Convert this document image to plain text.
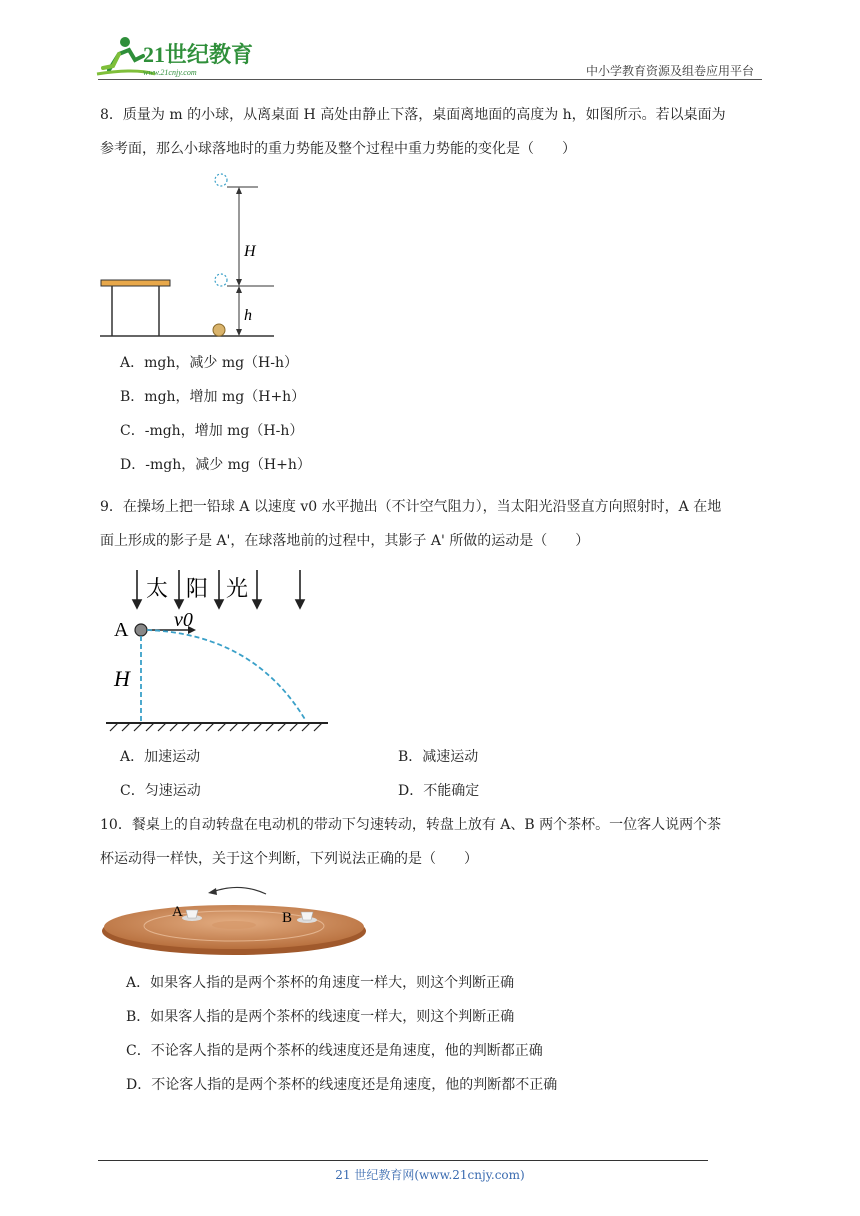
21世纪教育
www.21cnjy.com	中小学教育资源及组卷应用平台
8．质量为 m 的小球，从离桌面 H 高处由静止下落，桌面离地面的高度为 h，如图所示。若以桌面为
参考面，那么小球落地时的重力势能及整个过程中重力势能的变化是（　　）
H
h
A．mgh，减少 mg（H-h）
B．mgh，增加 mg（H+h）
C．-mgh，增加 mg（H-h）
D．-mgh，减少 mg（H+h）
9．在操场上把一铅球 A 以速度 v0 水平抛出（不计空气阻力），当太阳光沿竖直方向照射时，A 在地
面上形成的影子是 A'，在球落地前的过程中，其影子 A' 所做的运动是（　　）
太 阳 光
A v0
H
A．加速运动	B．减速运动
C．匀速运动	D．不能确定
10．餐桌上的自动转盘在电动机的带动下匀速转动，转盘上放有 A、B 两个茶杯。一位客人说两个茶
杯运动得一样快，关于这个判断，下列说法正确的是（　　）
A	B
A．如果客人指的是两个茶杯的角速度一样大，则这个判断正确
B．如果客人指的是两个茶杯的线速度一样大，则这个判断正确
C．不论客人指的是两个茶杯的线速度还是角速度，他的判断都正确
D．不论客人指的是两个茶杯的线速度还是角速度，他的判断都不正确
21 世纪教育网(www.21cnjy.com)
